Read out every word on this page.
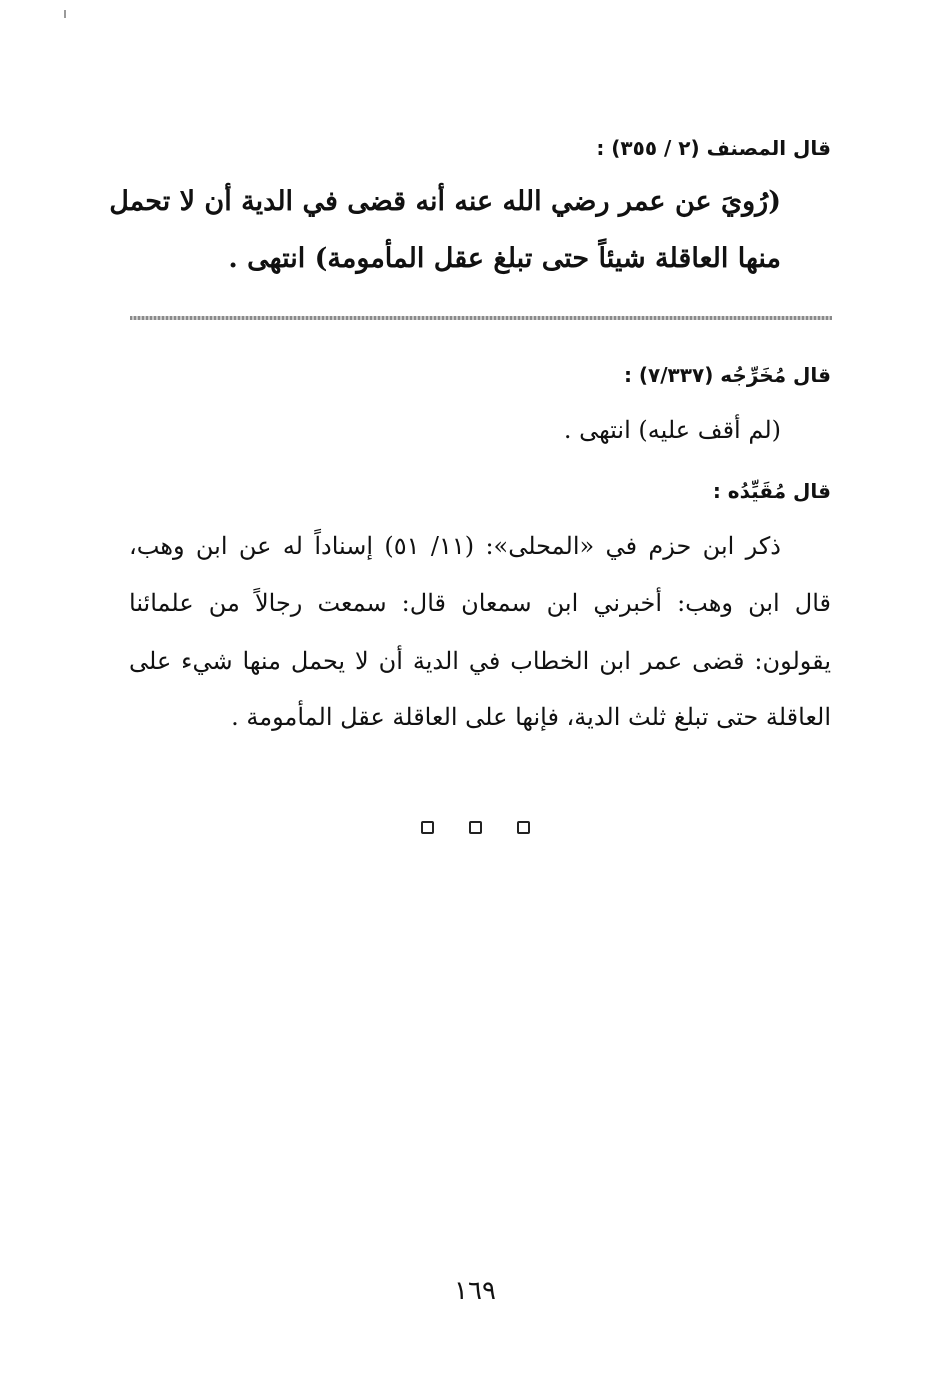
قال المصنف (٢ / ٣٥٥) :
(رُويَ عن عمر رضي الله عنه أنه قضى في الدية أن لا تحمل
منها العاقلة شيئاً حتى تبلغ عقل المأمومة) انتهى .
قال مُخَرِّجُه (٧/٣٣٧) :
(لم أقف عليه) انتهى .
قال مُقَيِّدُه :
ذكر ابن حزم في «المحلى»: (١١/ ٥١) إسناداً له عن ابن وهب،
قال ابن وهب: أخبرني ابن سمعان قال: سمعت رجالاً من علمائنا
يقولون: قضى عمر ابن الخطاب في الدية أن لا يحمل منها شيء على
العاقلة حتى تبلغ ثلث الدية، فإنها على العاقلة عقل المأمومة .
١٦٩
